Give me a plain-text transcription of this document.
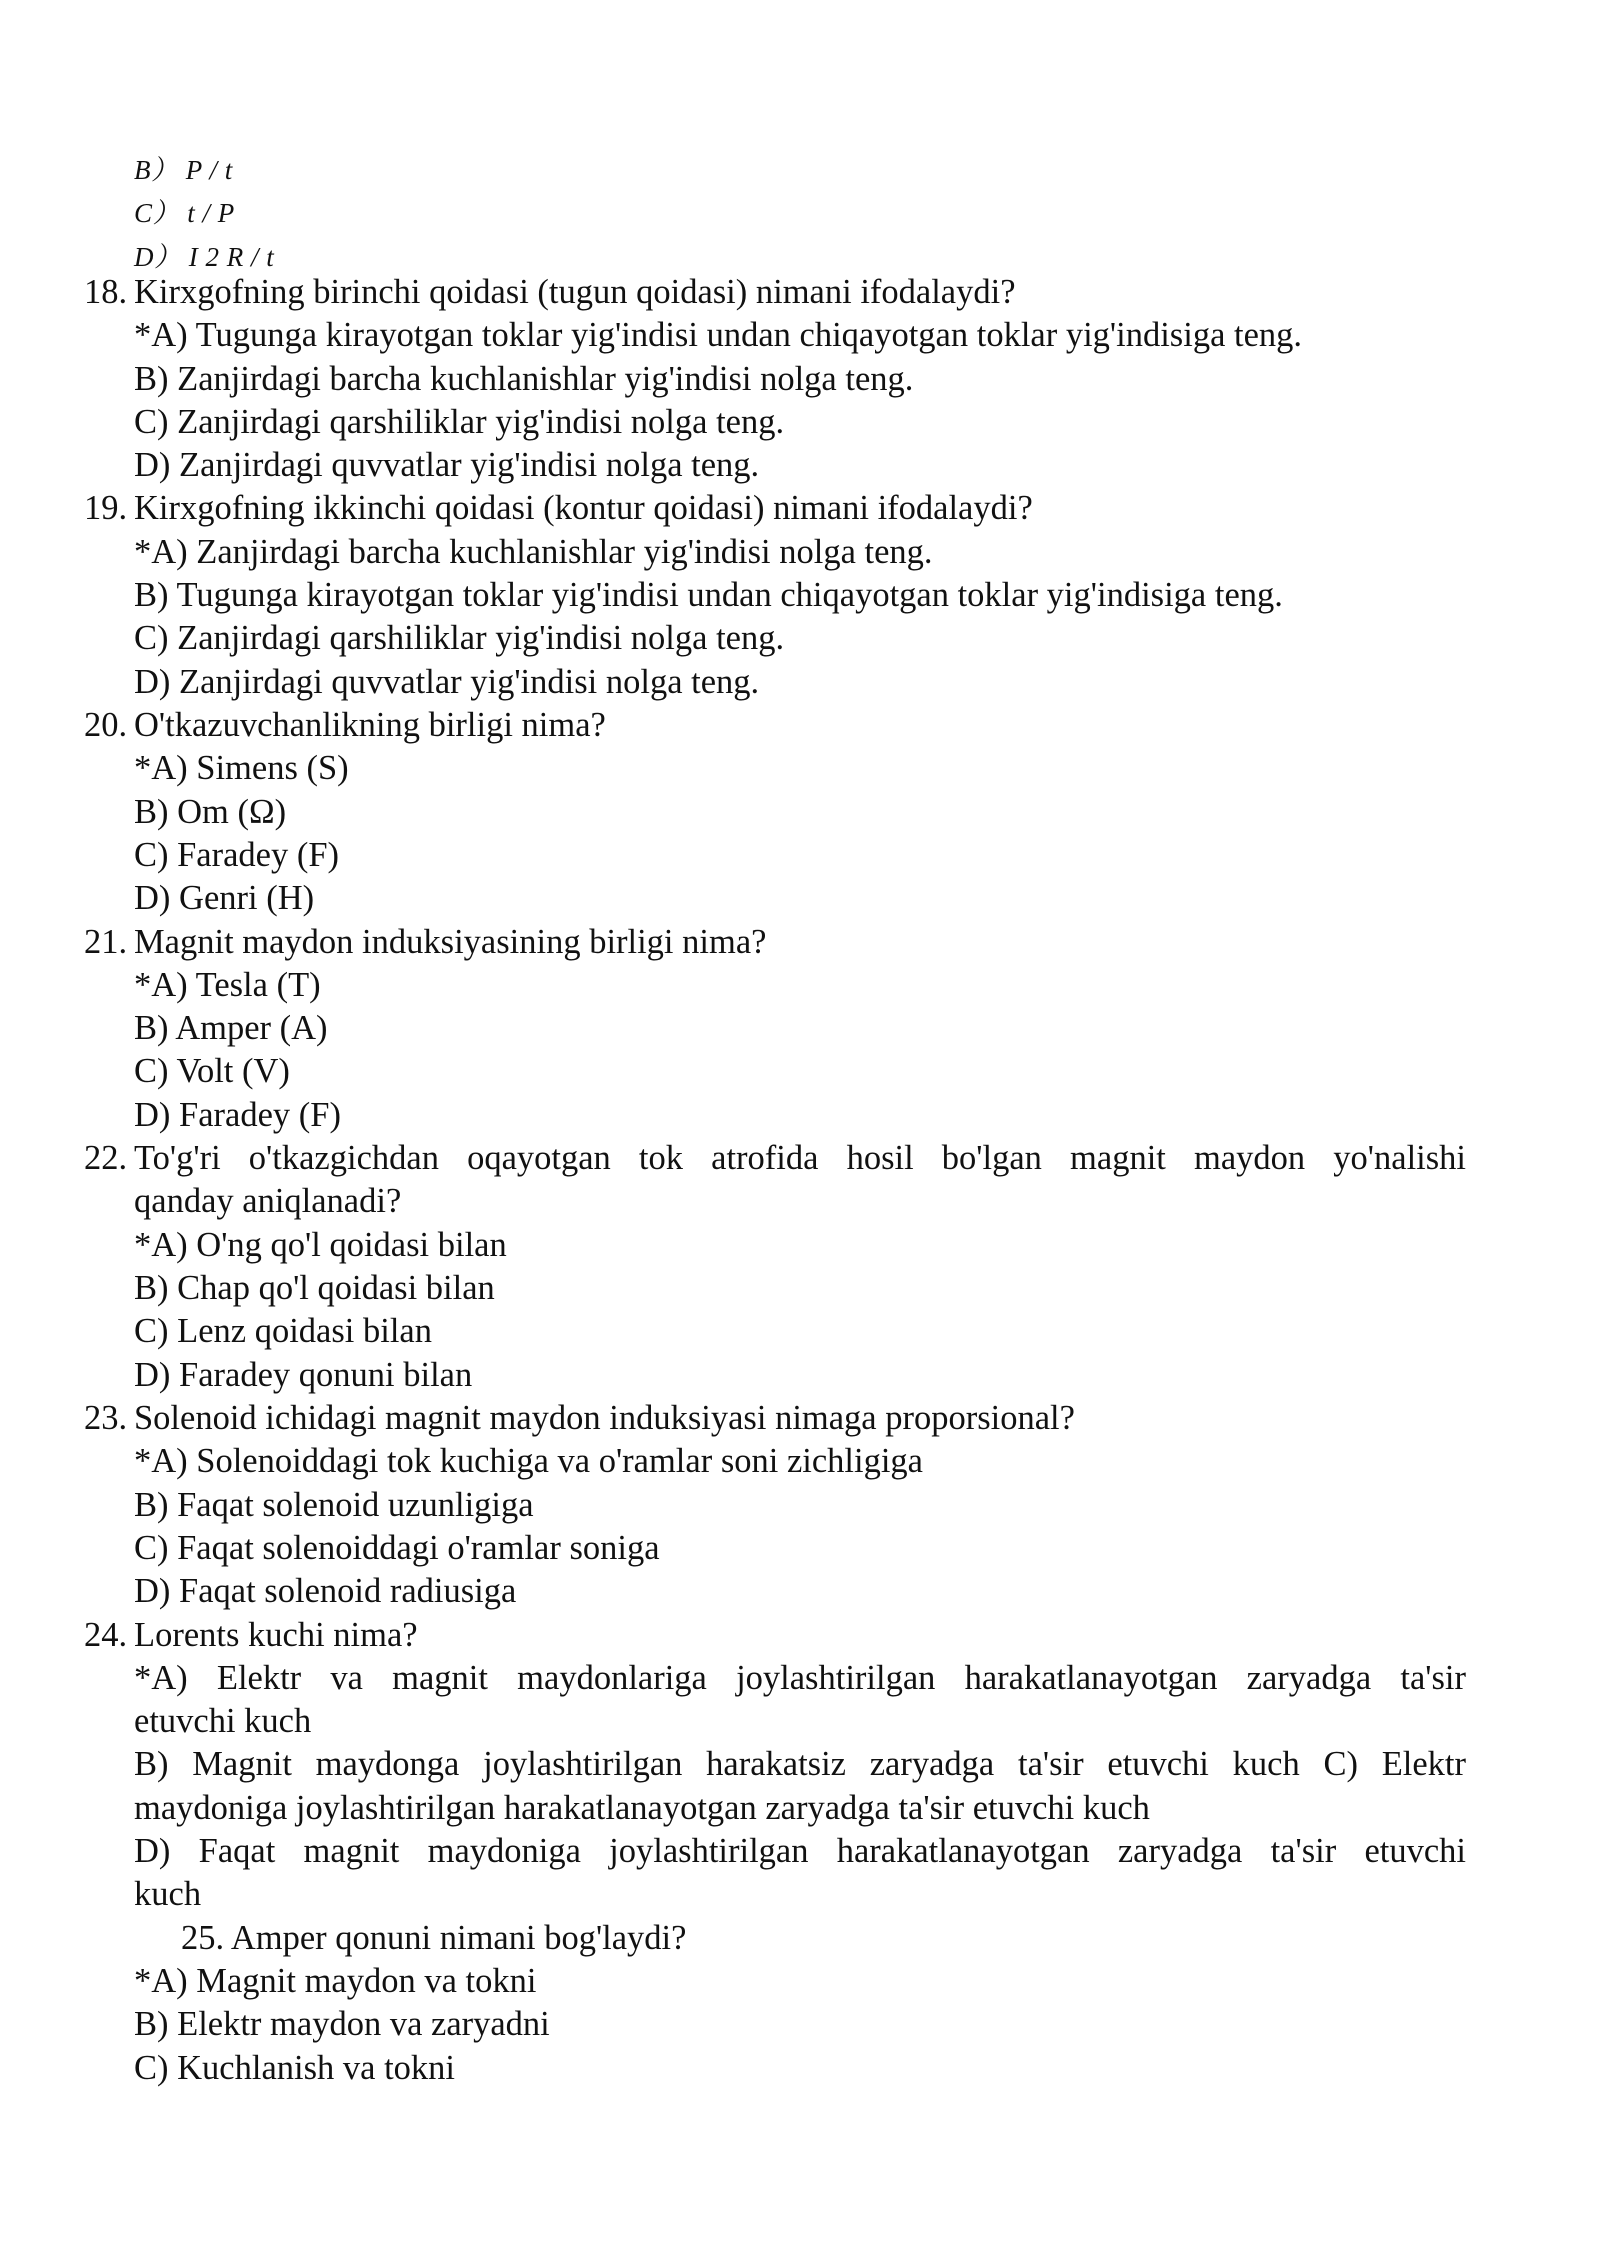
B） P / t
C） t / P
D） I 2 R / t
18. Kirxgofning birinchi qoidasi (tugun qoidasi) nimani ifodalaydi?
*A) Tugunga kirayotgan toklar yig'indisi undan chiqayotgan toklar yig'indisiga teng.
B) Zanjirdagi barcha kuchlanishlar yig'indisi nolga teng.
C) Zanjirdagi qarshiliklar yig'indisi nolga teng.
D) Zanjirdagi quvvatlar yig'indisi nolga teng.
19. Kirxgofning ikkinchi qoidasi (kontur qoidasi) nimani ifodalaydi?
*A) Zanjirdagi barcha kuchlanishlar yig'indisi nolga teng.
B) Tugunga kirayotgan toklar yig'indisi undan chiqayotgan toklar yig'indisiga teng.
C) Zanjirdagi qarshiliklar yig'indisi nolga teng.
D) Zanjirdagi quvvatlar yig'indisi nolga teng.
20. O'tkazuvchanlikning birligi nima?
*A) Simens (S)
B) Om (Ω)
C) Faradey (F)
D) Genri (H)
21. Magnit maydon induksiyasining birligi nima?
*A) Tesla (T)
B) Amper (A)
C) Volt (V)
D) Faradey (F)
22. To'g'ri o'tkazgichdan oqayotgan tok atrofida hosil bo'lgan magnit maydon yo'nalishi
qanday aniqlanadi?
*A) O'ng qo'l qoidasi bilan
B) Chap qo'l qoidasi bilan
C) Lenz qoidasi bilan
D) Faradey qonuni bilan
23. Solenoid ichidagi magnit maydon induksiyasi nimaga proporsional?
*A) Solenoiddagi tok kuchiga va o'ramlar soni zichligiga
B) Faqat solenoid uzunligiga
C) Faqat solenoiddagi o'ramlar soniga
D) Faqat solenoid radiusiga
24. Lorents kuchi nima?
*A) Elektr va magnit maydonlariga joylashtirilgan harakatlanayotgan zaryadga ta'sir
etuvchi kuch
B) Magnit maydonga joylashtirilgan harakatsiz zaryadga ta'sir etuvchi kuch C) Elektr
maydoniga joylashtirilgan harakatlanayotgan zaryadga ta'sir etuvchi kuch
D) Faqat magnit maydoniga joylashtirilgan harakatlanayotgan zaryadga ta'sir etuvchi
kuch
25. Amper qonuni nimani bog'laydi?
*A) Magnit maydon va tokni
B) Elektr maydon va zaryadni
C) Kuchlanish va tokni
